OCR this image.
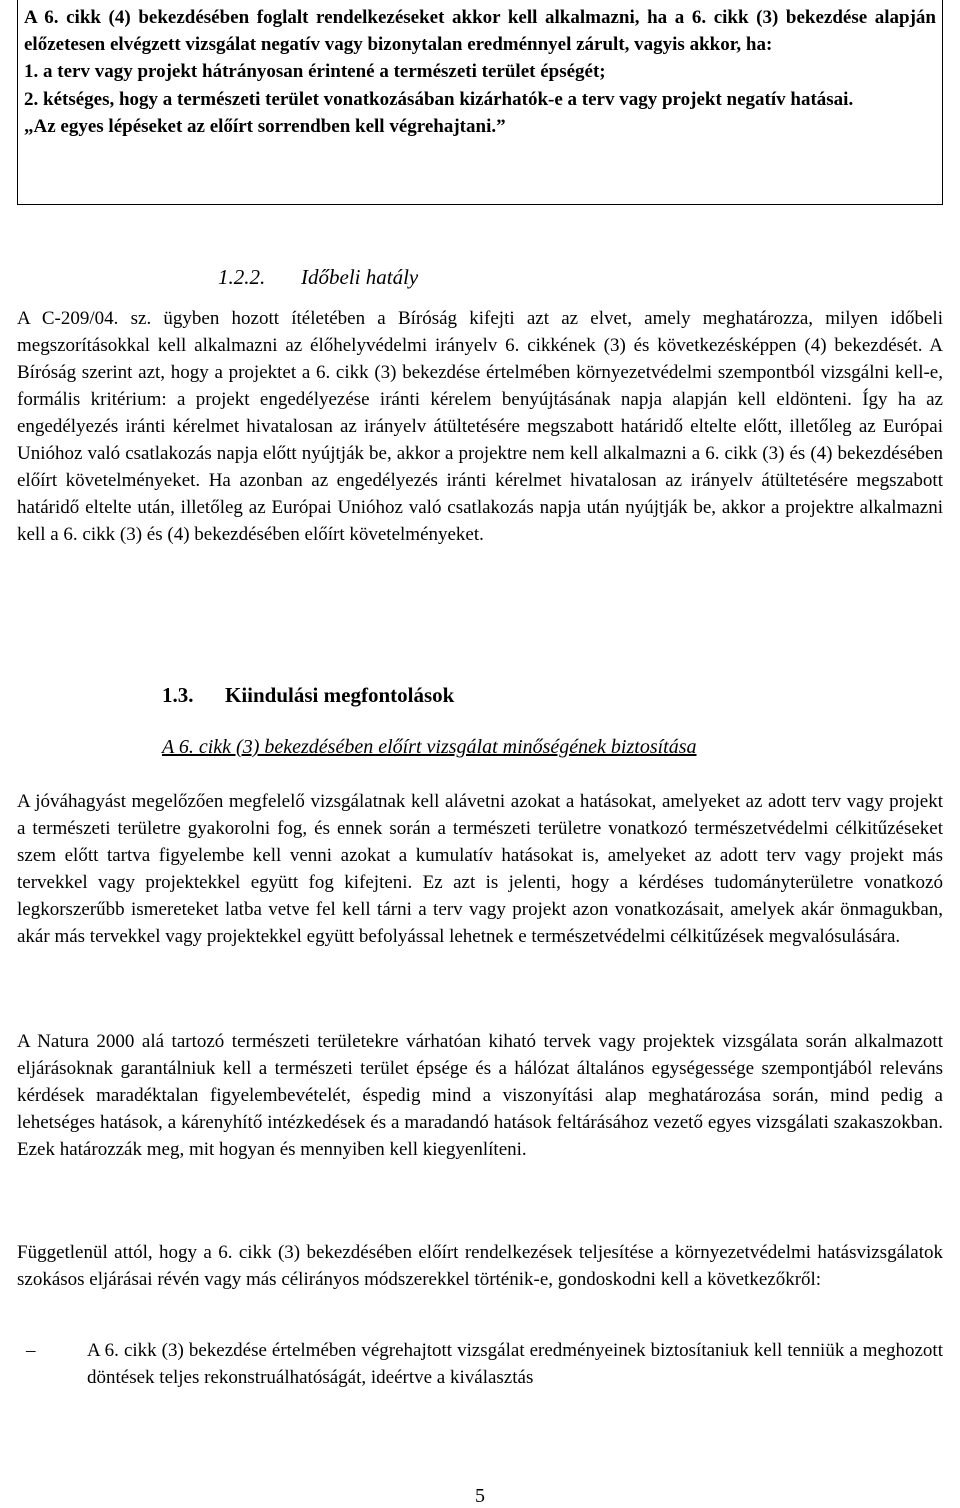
A 6. cikk (4) bekezdésében foglalt rendelkezéseket akkor kell alkalmazni, ha a 6. cikk (3) bekezdése alapján előzetesen elvégzett vizsgálat negatív vagy bizonytalan eredménnyel zárult, vagyis akkor, ha:

1. a terv vagy projekt hátrányosan érintené a természeti terület épségét;

2. kétséges, hogy a természeti terület vonatkozásában kizárhatók-e a terv vagy projekt negatív hatásai.

„Az egyes lépéseket az előírt sorrendben kell végrehajtani.”

1.2.2. Időbeli hatály

A C-209/04. sz. ügyben hozott ítéletében a Bíróság kifejti azt az elvet, amely meghatározza, milyen időbeli megszorításokkal kell alkalmazni az élőhelyvédelmi irányelv 6. cikkének (3) és következésképpen (4) bekezdését. A Bíróság szerint azt, hogy a projektet a 6. cikk (3) bekezdése értelmében környezetvédelmi szempontból vizsgálni kell-e, formális kritérium: a projekt engedélyezése iránti kérelem benyújtásának napja alapján kell eldönteni. Így ha az engedélyezés iránti kérelmet hivatalosan az irányelv átültetésére megszabott határidő eltelte előtt, illetőleg az Európai Unióhoz való csatlakozás napja előtt nyújtják be, akkor a projektre nem kell alkalmazni a 6. cikk (3) és (4) bekezdésében előírt követelményeket. Ha azonban az engedélyezés iránti kérelmet hivatalosan az irányelv átültetésére megszabott határidő eltelte után, illetőleg az Európai Unióhoz való csatlakozás napja után nyújtják be, akkor a projektre alkalmazni kell a 6. cikk (3) és (4) bekezdésében előírt követelményeket.

1.3. Kiindulási megfontolások
A 6. cikk (3) bekezdésében előírt vizsgálat minőségének biztosítása

A jóváhagyást megelőzően megfelelő vizsgálatnak kell alávetni azokat a hatásokat, amelyeket az adott terv vagy projekt a természeti területre gyakorolni fog, és ennek során a természeti területre vonatkozó természetvédelmi célkitűzéseket szem előtt tartva figyelembe kell venni azokat a kumulatív hatásokat is, amelyeket az adott terv vagy projekt más tervekkel vagy projektekkel együtt fog kifejteni. Ez azt is jelenti, hogy a kérdéses tudományterületre vonatkozó legkorszerűbb ismereteket latba vetve fel kell tárni a terv vagy projekt azon vonatkozásait, amelyek akár önmagukban, akár más tervekkel vagy projektekkel együtt befolyással lehetnek e természetvédelmi célkitűzések megvalósulására.

A Natura 2000 alá tartozó természeti területekre várhatóan kiható tervek vagy projektek vizsgálata során alkalmazott eljárásoknak garantálniuk kell a természeti terület épsége és a hálózat általános egységessége szempontjából releváns kérdések maradéktalan figyelembevételét, éspedig mind a viszonyítási alap meghatározása során, mind pedig a lehetséges hatások, a kárenyhítő intézkedések és a maradandó hatások feltárásához vezető egyes vizsgálati szakaszokban. Ezek határozzák meg, mit hogyan és mennyiben kell kiegyenlíteni.

Függetlenül attól, hogy a 6. cikk (3) bekezdésében előírt rendelkezések teljesítése a környezetvédelmi hatásvizsgálatok szokásos eljárásai révén vagy más célirányos módszerekkel történik-e, gondoskodni kell a következőkről:

–	A 6. cikk (3) bekezdése értelmében végrehajtott vizsgálat eredményeinek biztosítaniuk kell tenniük a meghozott döntések teljes rekonstruálhatóságát, ideértve a kiválasztás

5
